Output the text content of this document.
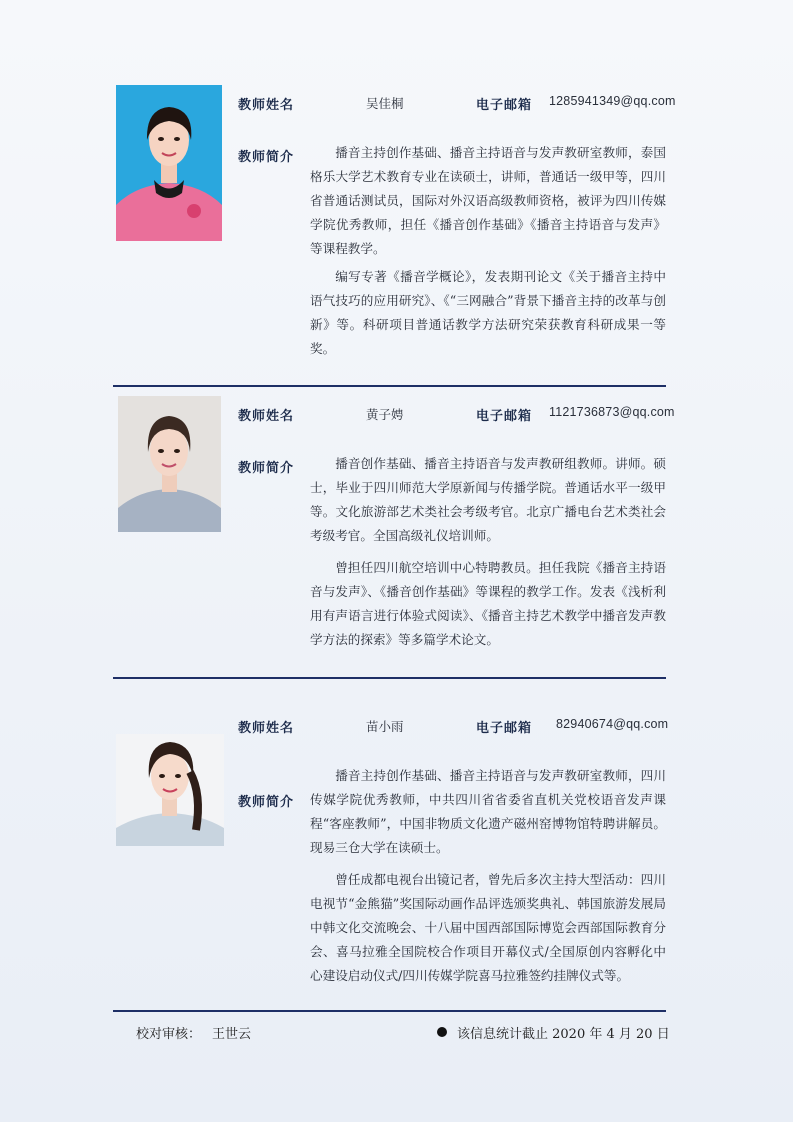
教师姓名	吴佳桐	电子邮箱 1285941349@qq.com
教师简介	播音主持创作基础、播音主持语音与发声教研室教师，泰国格乐大学艺术教育专业在读硕士，讲师，普通话一级甲等，四川省普通话测试员，国际对外汉语高级教师资格，被评为四川传媒学院优秀教师，担任《播音创作基础》《播音主持语音与发声》等课程教学。

编写专著《播音学概论》，发表期刊论文《关于播音主持中语气技巧的应用研究》、《“三网融合”背景下播音主持的改革与创新》等。科研项目普通话教学方法研究荣获教育科研成果一等奖。

教师姓名	黄子娉	电子邮箱 1121736873@qq.com
教师简介	播音创作基础、播音主持语音与发声教研组教师。讲师。硕士，毕业于四川师范大学原新闻与传播学院。普通话水平一级甲等。文化旅游部艺术类社会考级考官。北京广播电台艺术类社会考级考官。全国高级礼仪培训师。

曾担任四川航空培训中心特聘教员。担任我院《播音主持语音与发声》、《播音创作基础》等课程的教学工作。发表《浅析利用有声语言进行体验式阅读》、《播音主持艺术教学中播音发声教学方法的探索》等多篇学术论文。

教师姓名	苗小雨	电子邮箱 82940674@qq.com
教师简介

播音主持创作基础、播音主持语音与发声教研室教师，四川传媒学院优秀教师，中共四川省省委省直机关党校语音发声课程“客座教师”，中国非物质文化遗产磁州窑博物馆特聘讲解员。现易三仓大学在读硕士。

曾任成都电视台出镜记者，曾先后多次主持大型活动：四川电视节“金熊猫”奖国际动画作品评选颁奖典礼、韩国旅游发展局中韩文化交流晚会、十八届中国西部国际博览会西部国际教育分会、喜马拉雅全国院校合作项目开幕仪式/全国原创内容孵化中心建设启动仪式/四川传媒学院喜马拉雅签约挂牌仪式等。

校对审核： 王世云	该信息统计截止 2020 年 4 月 20 日
